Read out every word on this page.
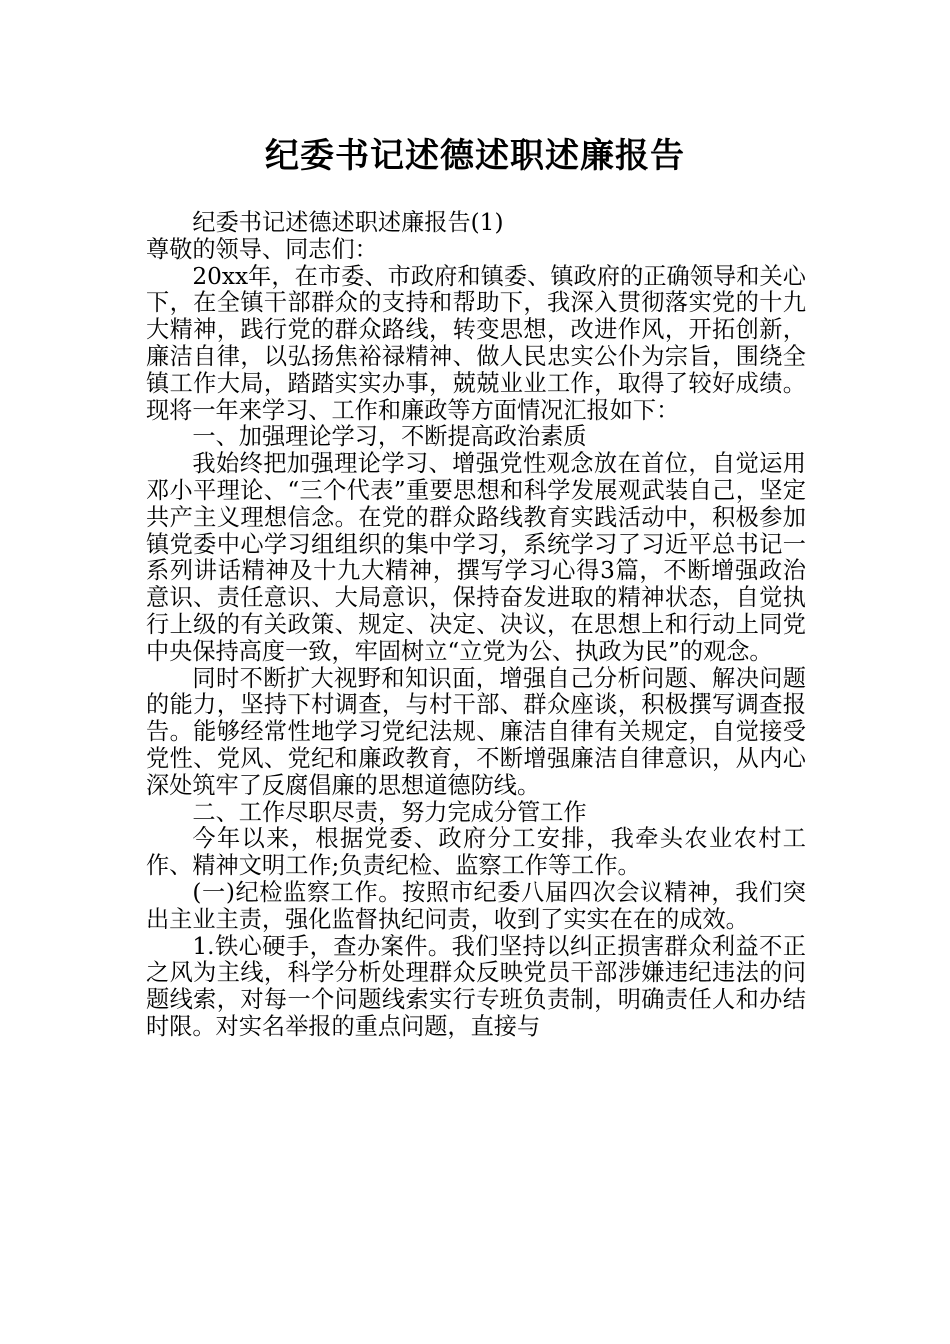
纪委书记述德述职述廉报告

纪委书记述德述职述廉报告(1)

尊敬的领导、同志们：

20xx年，在市委、市政府和镇委、镇政府的正确领导和关心下，在全镇干部群众的支持和帮助下，我深入贯彻落实党的十九大精神，践行党的群众路线，转变思想，改进作风，开拓创新，廉洁自律，以弘扬焦裕禄精神、做人民忠实公仆为宗旨，围绕全镇工作大局，踏踏实实办事，兢兢业业工作，取得了较好成绩。现将一年来学习、工作和廉政等方面情况汇报如下：

一、加强理论学习，不断提高政治素质

我始终把加强理论学习、增强党性观念放在首位，自觉运用邓小平理论、“三个代表”重要思想和科学发展观武装自己，坚定共产主义理想信念。在党的群众路线教育实践活动中，积极参加镇党委中心学习组组织的集中学习，系统学习了习近平总书记一系列讲话精神及十九大精神，撰写学习心得3篇，不断增强政治意识、责任意识、大局意识，保持奋发进取的精神状态，自觉执行上级的有关政策、规定、决定、决议，在思想上和行动上同党中央保持高度一致，牢固树立“立党为公、执政为民”的观念。

同时不断扩大视野和知识面，增强自己分析问题、解决问题的能力，坚持下村调查，与村干部、群众座谈，积极撰写调查报告。能够经常性地学习党纪法规、廉洁自律有关规定，自觉接受党性、党风、党纪和廉政教育，不断增强廉洁自律意识，从内心深处筑牢了反腐倡廉的思想道德防线。

二、工作尽职尽责，努力完成分管工作

今年以来，根据党委、政府分工安排，我牵头农业农村工作、精神文明工作;负责纪检、监察工作等工作。

(一)纪检监察工作。按照市纪委八届四次会议精神，我们突出主业主责，强化监督执纪问责，收到了实实在在的成效。

1.铁心硬手，查办案件。我们坚持以纠正损害群众利益不正之风为主线，科学分析处理群众反映党员干部涉嫌违纪违法的问题线索，对每一个问题线索实行专班负责制，明确责任人和办结时限。对实名举报的重点问题，直接与
